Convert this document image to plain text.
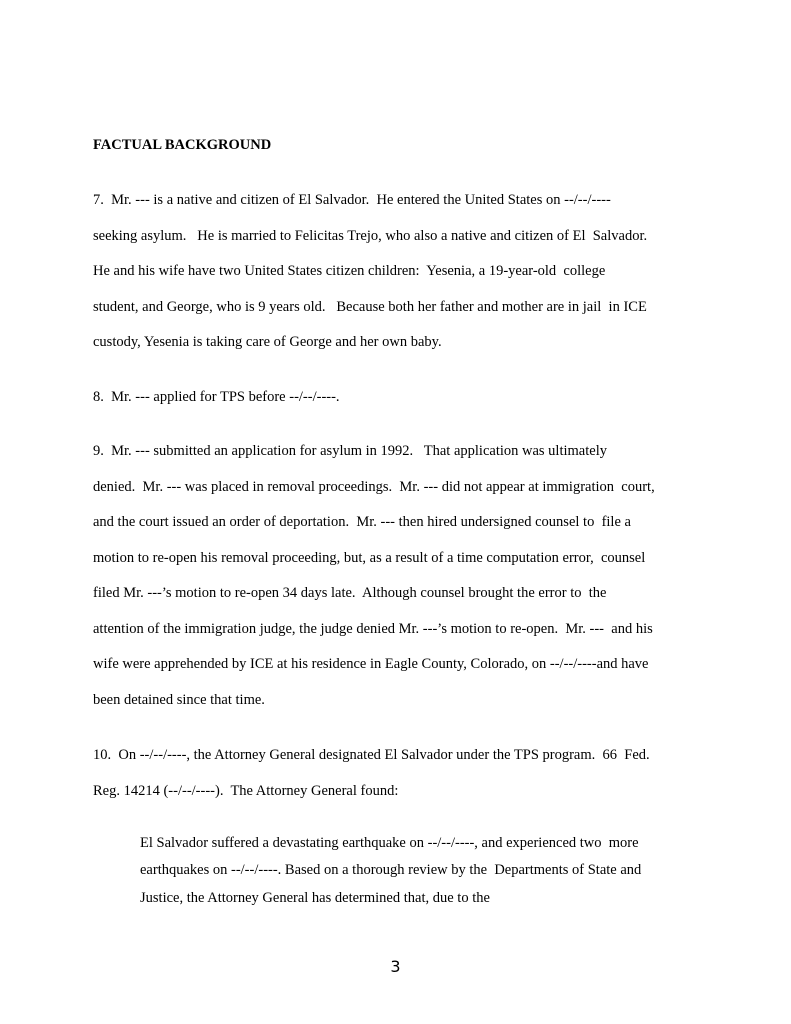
FACTUAL BACKGROUND
7.  Mr. --- is a native and citizen of El Salvador.  He entered the United States on --/--/----
seeking asylum.   He is married to Felicitas Trejo, who also a native and citizen of El  Salvador.
He and his wife have two United States citizen children:  Yesenia, a 19-year-old  college
student, and George, who is 9 years old.   Because both her father and mother are in jail  in ICE
custody, Yesenia is taking care of George and her own baby.
8.  Mr. --- applied for TPS before --/--/----.
9.  Mr. --- submitted an application for asylum in 1992.   That application was ultimately
denied.  Mr. --- was placed in removal proceedings.  Mr. --- did not appear at immigration  court,
and the court issued an order of deportation.  Mr. --- then hired undersigned counsel to  file a
motion to re-open his removal proceeding, but, as a result of a time computation error,  counsel
filed Mr. ---’s motion to re-open 34 days late.  Although counsel brought the error to  the
attention of the immigration judge, the judge denied Mr. ---’s motion to re-open.  Mr. ---  and his
wife were apprehended by ICE at his residence in Eagle County, Colorado, on --/--/----and have
been detained since that time.
10.  On --/--/----, the Attorney General designated El Salvador under the TPS program.  66  Fed.
Reg. 14214 (--/--/----).  The Attorney General found:
El Salvador suffered a devastating earthquake on --/--/----, and experienced two  more
earthquakes on --/--/----. Based on a thorough review by the  Departments of State and
Justice, the Attorney General has determined that, due to the
3
